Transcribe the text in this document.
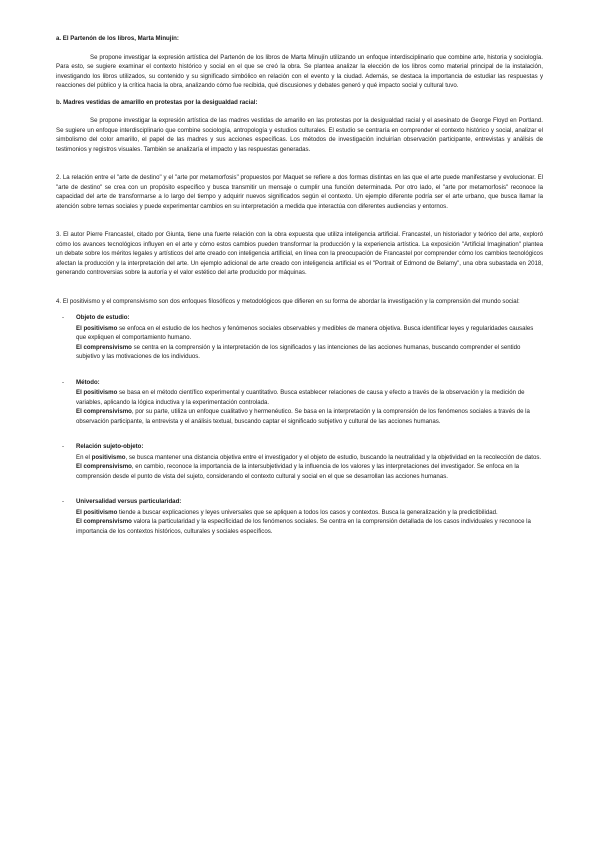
a. El Partenón de los libros, Marta Minujín:

Se propone investigar la expresión artística del Partenón de los libros de Marta Minujín utilizando un enfoque interdisciplinario que combine arte, historia y sociología. Para esto, se sugiere examinar el contexto histórico y social en el que se creó la obra. Se plantea analizar la elección de los libros como material principal de la instalación, investigando los libros utilizados, su contenido y su significado simbólico en relación con el evento y la ciudad. Además, se destaca la importancia de estudiar las respuestas y reacciones del público y la crítica hacia la obra, analizando cómo fue recibida, qué discusiones y debates generó y qué impacto social y cultural tuvo.

b. Madres vestidas de amarillo en protestas por la desigualdad racial:

Se propone investigar la expresión artística de las madres vestidas de amarillo en las protestas por la desigualdad racial y el asesinato de George Floyd en Portland. Se sugiere un enfoque interdisciplinario que combine sociología, antropología y estudios culturales. El estudio se centraría en comprender el contexto histórico y social, analizar el simbolismo del color amarillo, el papel de las madres y sus acciones específicas. Los métodos de investigación incluirían observación participante, entrevistas y análisis de testimonios y registros visuales. También se analizaría el impacto y las respuestas generadas.

2. La relación entre el "arte de destino" y el "arte por metamorfosis" propuestos por Maquet se refiere a dos formas distintas en las que el arte puede manifestarse y evolucionar. El "arte de destino" se crea con un propósito específico y busca transmitir un mensaje o cumplir una función determinada. Por otro lado, el "arte por metamorfosis" reconoce la capacidad del arte de transformarse a lo largo del tiempo y adquirir nuevos significados según el contexto. Un ejemplo diferente podría ser el arte urbano, que busca llamar la atención sobre temas sociales y puede experimentar cambios en su interpretación a medida que interactúa con diferentes audiencias y entornos.

3. El autor Pierre Francastel, citado por Giunta, tiene una fuerte relación con la obra expuesta que utiliza inteligencia artificial. Francastel, un historiador y teórico del arte, exploró cómo los avances tecnológicos influyen en el arte y cómo estos cambios pueden transformar la producción y la experiencia artística. La exposición "Artificial Imagination" plantea un debate sobre los méritos legales y artísticos del arte creado con inteligencia artificial, en línea con la preocupación de Francastel por comprender cómo los cambios tecnológicos afectan la producción y la interpretación del arte. Un ejemplo adicional de arte creado con inteligencia artificial es el "Portrait of Edmond de Belamy", una obra subastada en 2018, generando controversias sobre la autoría y el valor estético del arte producido por máquinas.

4. El positivismo y el comprensivismo son dos enfoques filosóficos y metodológicos que difieren en su forma de abordar la investigación y la comprensión del mundo social:

- Objeto de estudio:

El positivismo se enfoca en el estudio de los hechos y fenómenos sociales observables y medibles de manera objetiva. Busca identificar leyes y regularidades causales que expliquen el comportamiento humano.

El comprensivismo se centra en la comprensión y la interpretación de los significados y las intenciones de las acciones humanas, buscando comprender el sentido subjetivo y las motivaciones de los individuos.

- Método:

El positivismo se basa en el método científico experimental y cuantitativo. Busca establecer relaciones de causa y efecto a través de la observación y la medición de variables, aplicando la lógica inductiva y la experimentación controlada.

El comprensivismo, por su parte, utiliza un enfoque cualitativo y hermenéutico. Se basa en la interpretación y la comprensión de los fenómenos sociales a través de la observación participante, la entrevista y el análisis textual, buscando captar el significado subjetivo y cultural de las acciones humanas.

- Relación sujeto-objeto:

En el positivismo, se busca mantener una distancia objetiva entre el investigador y el objeto de estudio, buscando la neutralidad y la objetividad en la recolección de datos.

El comprensivismo, en cambio, reconoce la importancia de la intersubjetividad y la influencia de los valores y las interpretaciones del investigador. Se enfoca en la comprensión desde el punto de vista del sujeto, considerando el contexto cultural y social en el que se desarrollan las acciones humanas.

- Universalidad versus particularidad:

El positivismo tiende a buscar explicaciones y leyes universales que se apliquen a todos los casos y contextos. Busca la generalización y la predictibilidad.

El comprensivismo valora la particularidad y la especificidad de los fenómenos sociales. Se centra en la comprensión detallada de los casos individuales y reconoce la importancia de los contextos históricos, culturales y sociales específicos.
